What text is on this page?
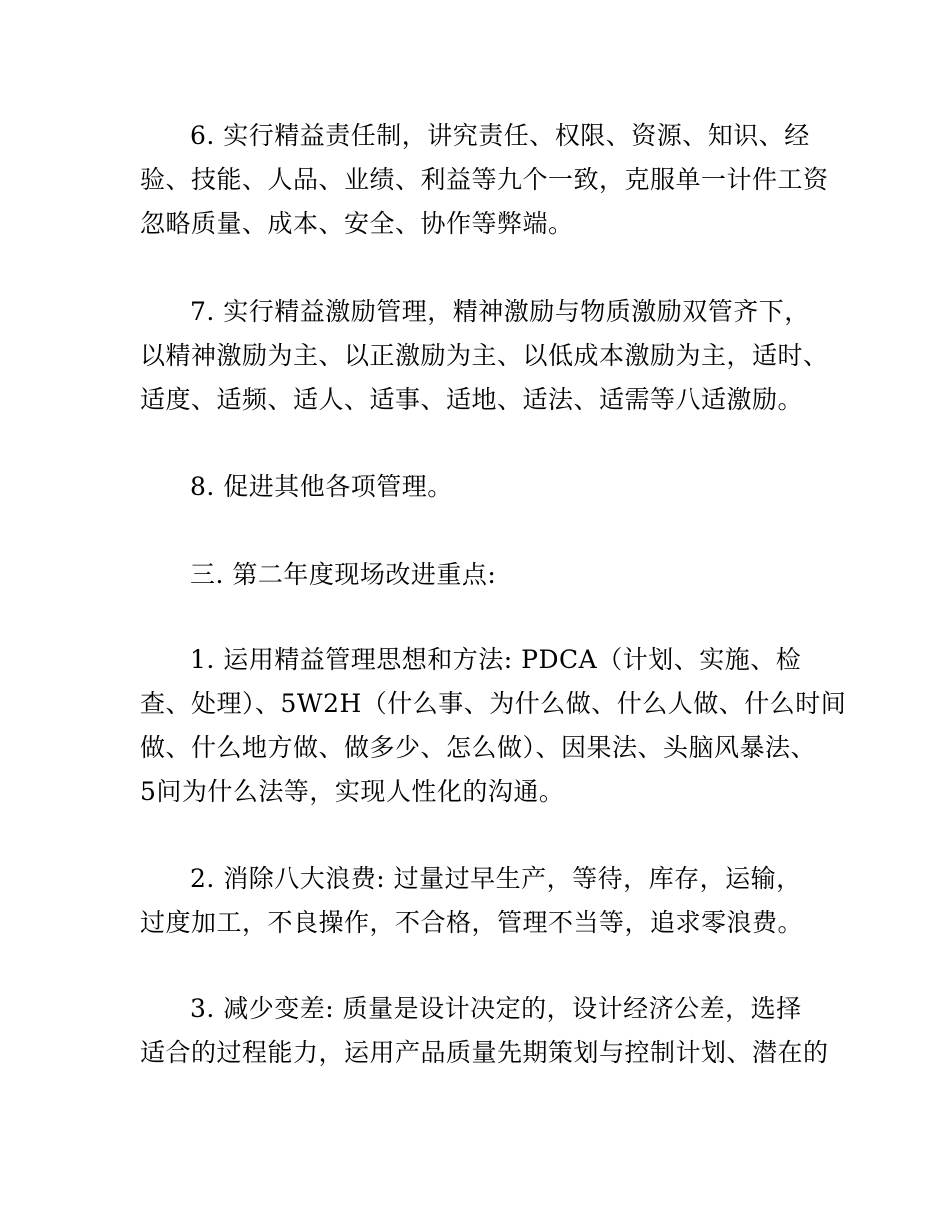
6. 实行精益责任制，讲究责任、权限、资源、知识、经
验、技能、人品、业绩、利益等九个一致，克服单一计件工资
忽略质量、成本、安全、协作等弊端。
7. 实行精益激励管理，精神激励与物质激励双管齐下，
以精神激励为主、以正激励为主、以低成本激励为主，适时、
适度、适频、适人、适事、适地、适法、适需等八适激励。
8. 促进其他各项管理。
三. 第二年度现场改进重点:
1. 运用精益管理思想和方法: PDCA（计划、实施、检
查、处理）、5W2H（什么事、为什么做、什么人做、什么时间
做、什么地方做、做多少、怎么做）、因果法、头脑风暴法、
5问为什么法等，实现人性化的沟通。
2. 消除八大浪费: 过量过早生产，等待，库存，运输，
过度加工，不良操作，不合格，管理不当等，追求零浪费。
3. 减少变差: 质量是设计决定的，设计经济公差，选择
适合的过程能力，运用产品质量先期策划与控制计划、潜在的
